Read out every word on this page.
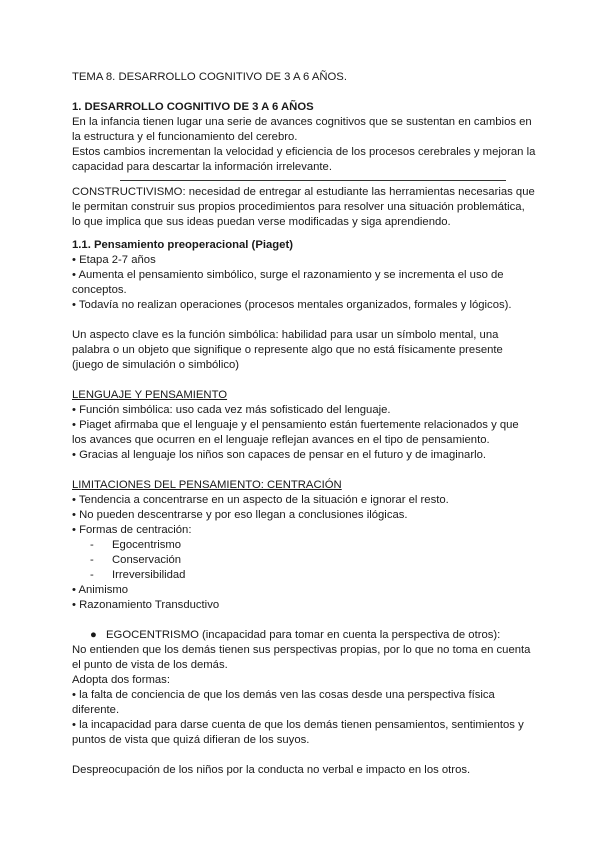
TEMA 8. DESARROLLO COGNITIVO DE 3 A 6 AÑOS.
1. DESARROLLO COGNITIVO DE 3 A 6 AÑOS
En la infancia tienen lugar una serie de avances cognitivos que se sustentan en cambios en
la estructura y el funcionamiento del cerebro.
Estos cambios incrementan la velocidad y eficiencia de los procesos cerebrales y mejoran la
capacidad para descartar la información irrelevante.
CONSTRUCTIVISMO: necesidad de entregar al estudiante las herramientas necesarias que
le permitan construir sus propios procedimientos para resolver una situación problemática,
lo que implica que sus ideas puedan verse modificadas y siga aprendiendo.
1.1. Pensamiento preoperacional (Piaget)
• Etapa 2-7 años
• Aumenta el pensamiento simbólico, surge el razonamiento y se incrementa el uso de
conceptos.
• Todavía no realizan operaciones (procesos mentales organizados, formales y lógicos).
Un aspecto clave es la función simbólica: habilidad para usar un símbolo mental, una
palabra o un objeto que signifique o represente algo que no está físicamente presente
(juego de simulación o simbólico)
LENGUAJE Y PENSAMIENTO
• Función simbólica: uso cada vez más sofisticado del lenguaje.
• Piaget afirmaba que el lenguaje y el pensamiento están fuertemente relacionados y que
los avances que ocurren en el lenguaje reflejan avances en el tipo de pensamiento.
• Gracias al lenguaje los niños son capaces de pensar en el futuro y de imaginarlo.
LIMITACIONES DEL PENSAMIENTO: CENTRACIÓN
• Tendencia a concentrarse en un aspecto de la situación e ignorar el resto.
• No pueden descentrarse y por eso llegan a conclusiones ilógicas.
• Formas de centración:
- Egocentrismo
- Conservación
- Irreversibilidad
• Animismo
• Razonamiento Transductivo
● EGOCENTRISMO (incapacidad para tomar en cuenta la perspectiva de otros):
No entienden que los demás tienen sus perspectivas propias, por lo que no toma en cuenta
el punto de vista de los demás.
Adopta dos formas:
• la falta de conciencia de que los demás ven las cosas desde una perspectiva física
diferente.
• la incapacidad para darse cuenta de que los demás tienen pensamientos, sentimientos y
puntos de vista que quizá difieran de los suyos.
Despreocupación de los niños por la conducta no verbal e impacto en los otros.
